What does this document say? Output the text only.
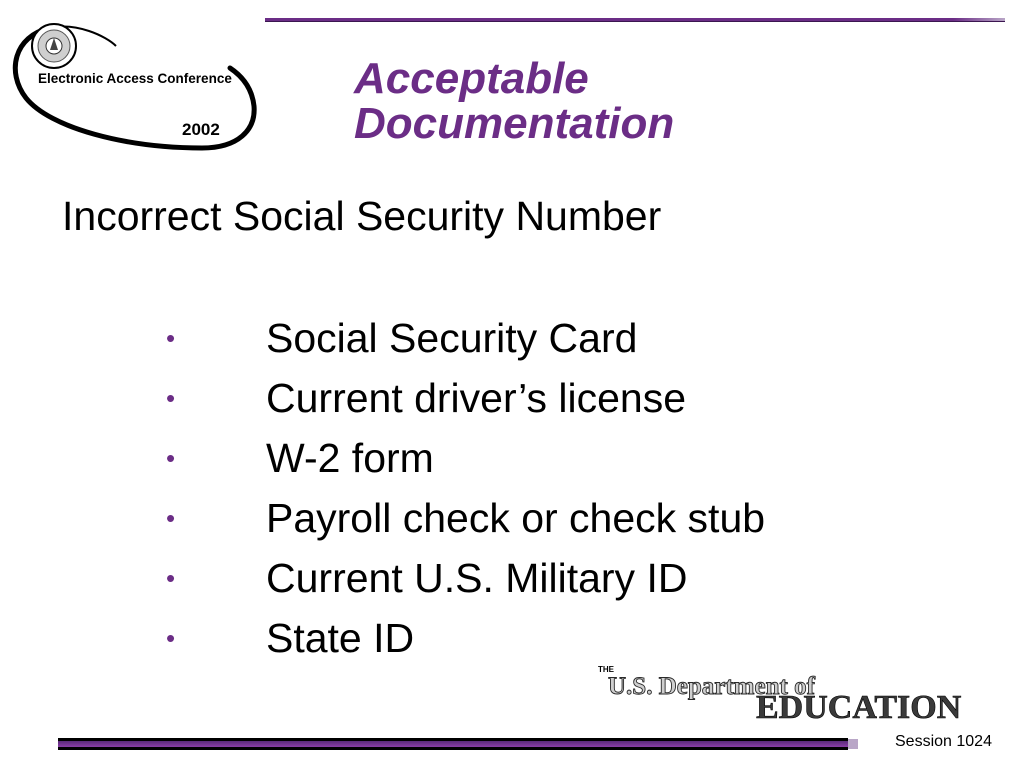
Electronic Access Conference
2002
Acceptable
Documentation
Incorrect Social Security Number
• Social Security Card
• Current driver’s license
• W-2 form
• Payroll check or check stub
• Current U.S. Military ID
• State ID
THE
U.S. Department of
EDUCATION
Session 1024
